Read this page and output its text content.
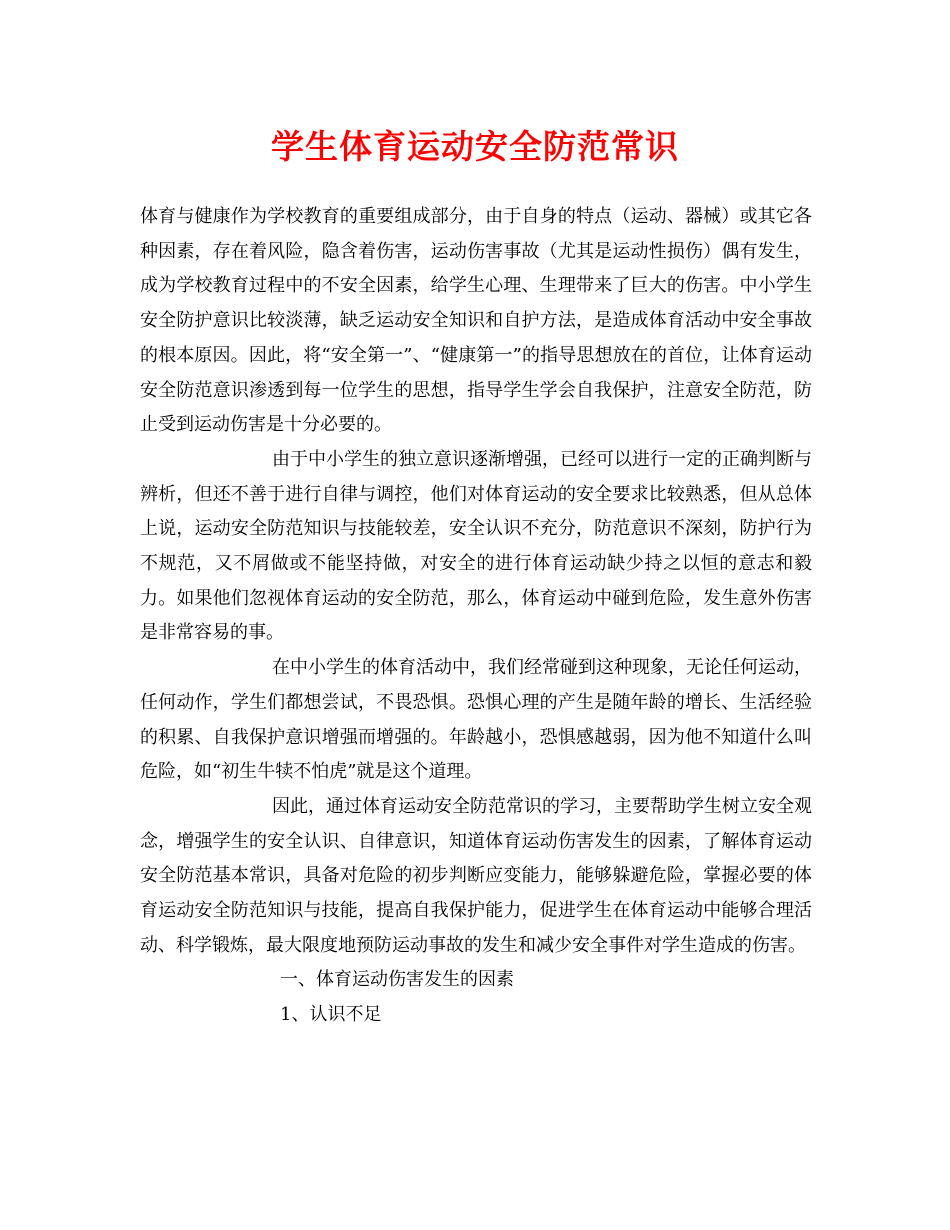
学生体育运动安全防范常识

体育与健康作为学校教育的重要组成部分，由于自身的特点（运动、器械）或其它各种因素，存在着风险，隐含着伤害，运动伤害事故（尤其是运动性损伤）偶有发生，成为学校教育过程中的不安全因素，给学生心理、生理带来了巨大的伤害。中小学生安全防护意识比较淡薄，缺乏运动安全知识和自护方法，是造成体育活动中安全事故的根本原因。因此，将“安全第一”、“健康第一”的指导思想放在的首位，让体育运动安全防范意识渗透到每一位学生的思想，指导学生学会自我保护，注意安全防范，防止受到运动伤害是十分必要的。

由于中小学生的独立意识逐渐增强，已经可以进行一定的正确判断与辨析，但还不善于进行自律与调控，他们对体育运动的安全要求比较熟悉，但从总体上说，运动安全防范知识与技能较差，安全认识不充分，防范意识不深刻，防护行为不规范，又不屑做或不能坚持做，对安全的进行体育运动缺少持之以恒的意志和毅力。如果他们忽视体育运动的安全防范，那么，体育运动中碰到危险，发生意外伤害是非常容易的事。

在中小学生的体育活动中，我们经常碰到这种现象，无论任何运动，任何动作，学生们都想尝试，不畏恐惧。恐惧心理的产生是随年龄的增长、生活经验的积累、自我保护意识增强而增强的。年龄越小，恐惧感越弱，因为他不知道什么叫危险，如“初生牛犊不怕虎”就是这个道理。

因此，通过体育运动安全防范常识的学习，主要帮助学生树立安全观念，增强学生的安全认识、自律意识，知道体育运动伤害发生的因素，了解体育运动安全防范基本常识，具备对危险的初步判断应变能力，能够躲避危险，掌握必要的体育运动安全防范知识与技能，提高自我保护能力，促进学生在体育运动中能够合理活动、科学锻炼，最大限度地预防运动事故的发生和减少安全事件对学生造成的伤害。

一、体育运动伤害发生的因素

1、认识不足
